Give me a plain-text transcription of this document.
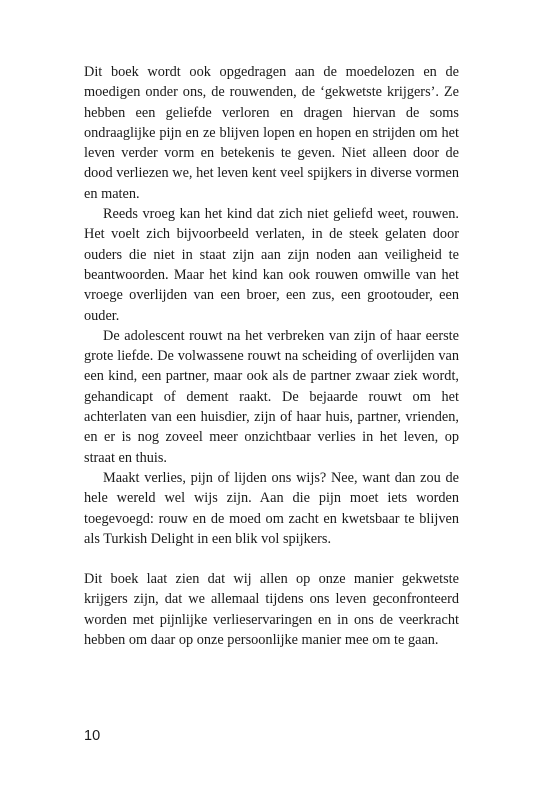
Dit boek wordt ook opgedragen aan de moedelozen en de moedigen onder ons, de rouwenden, de ‘gekwetste krijgers’. Ze hebben een geliefde verloren en dragen hiervan de soms ondraaglijke pijn en ze blijven lopen en hopen en strijden om het leven verder vorm en betekenis te geven. Niet alleen door de dood verliezen we, het leven kent veel spijkers in diverse vormen en maten.

Reeds vroeg kan het kind dat zich niet geliefd weet, rouwen. Het voelt zich bijvoorbeeld verlaten, in de steek gelaten door ouders die niet in staat zijn aan zijn noden aan veiligheid te beantwoorden. Maar het kind kan ook rouwen omwille van het vroege overlijden van een broer, een zus, een grootouder, een ouder.

De adolescent rouwt na het verbreken van zijn of haar eerste grote liefde. De volwassene rouwt na scheiding of overlijden van een kind, een partner, maar ook als de partner zwaar ziek wordt, gehandicapt of dement raakt. De bejaarde rouwt om het achterlaten van een huisdier, zijn of haar huis, partner, vrienden, en er is nog zoveel meer onzichtbaar verlies in het leven, op straat en thuis.

Maakt verlies, pijn of lijden ons wijs? Nee, want dan zou de hele wereld wel wijs zijn. Aan die pijn moet iets worden toegevoegd: rouw en de moed om zacht en kwetsbaar te blijven als Turkish Delight in een blik vol spijkers.

Dit boek laat zien dat wij allen op onze manier gekwetste krijgers zijn, dat we allemaal tijdens ons leven geconfronteerd worden met pijnlijke verlieservaringen en in ons de veerkracht hebben om daar op onze persoonlijke manier mee om te gaan.

10
